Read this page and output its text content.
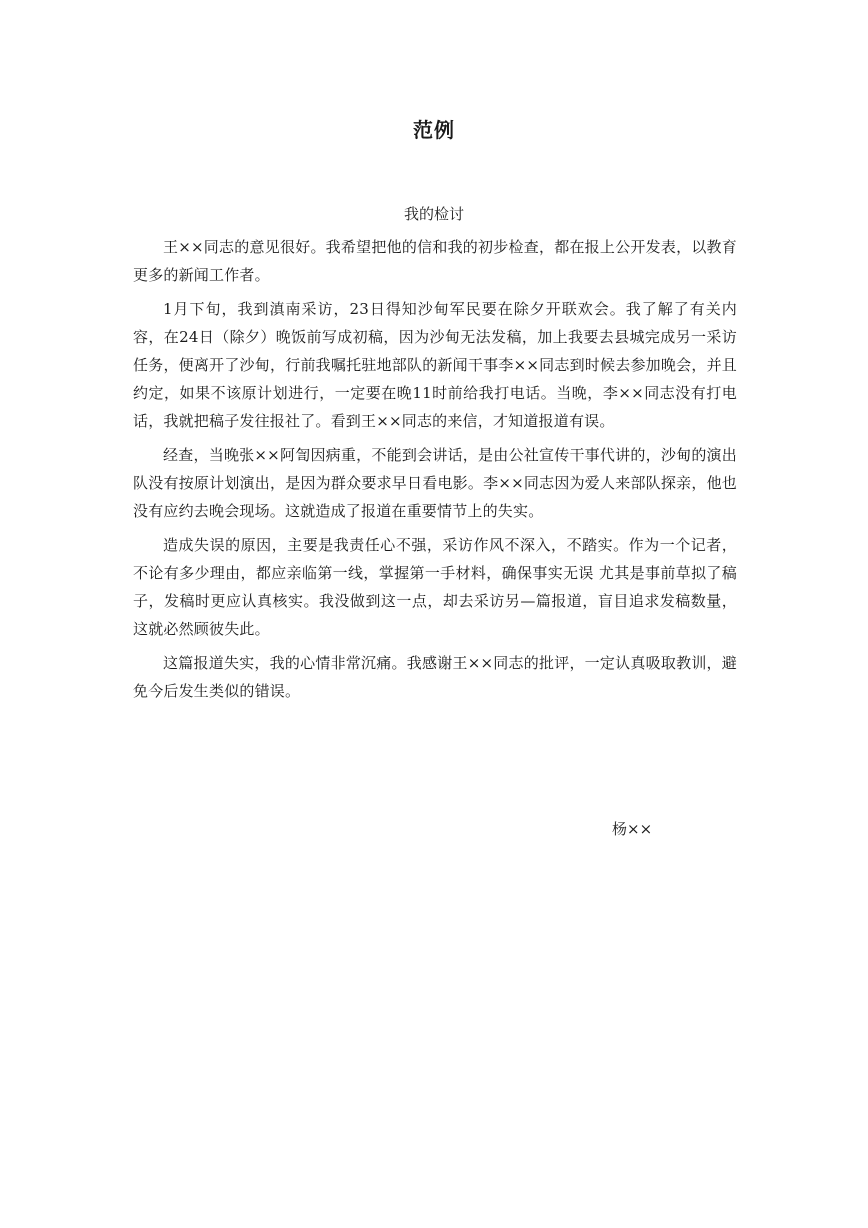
范例
我的检讨

王××同志的意见很好。我希望把他的信和我的初步检查，都在报上公开发表，以教育更多的新闻工作者。

1月下旬，我到滇南采访，23日得知沙甸军民要在除夕开联欢会。我了解了有关内容，在24日（除夕）晚饭前写成初稿，因为沙甸无法发稿，加上我要去县城完成另一采访任务，便离开了沙甸，行前我嘱托驻地部队的新闻干事李××同志到时候去参加晚会，并且约定，如果不该原计划进行，一定要在晚11时前给我打电话。当晚，李××同志没有打电话，我就把稿子发往报社了。看到王××同志的来信，才知道报道有误。

经查，当晚张××阿訇因病重，不能到会讲话，是由公社宣传干事代讲的，沙甸的演出队没有按原计划演出，是因为群众要求早日看电影。李××同志因为爱人来部队探亲，他也没有应约去晚会现场。这就造成了报道在重要情节上的失实。

造成失误的原因，主要是我责任心不强，采访作风不深入，不踏实。作为一个记者，不论有多少理由，都应亲临第一线，掌握第一手材料，确保事实无误 尤其是事前草拟了稿子，发稿时更应认真核实。我没做到这一点，却去采访另—篇报道，盲目追求发稿数量，这就必然顾彼失此。

这篇报道失实，我的心情非常沉痛。我感谢王××同志的批评，一定认真吸取教训，避免今后发生类似的错误。

杨××
